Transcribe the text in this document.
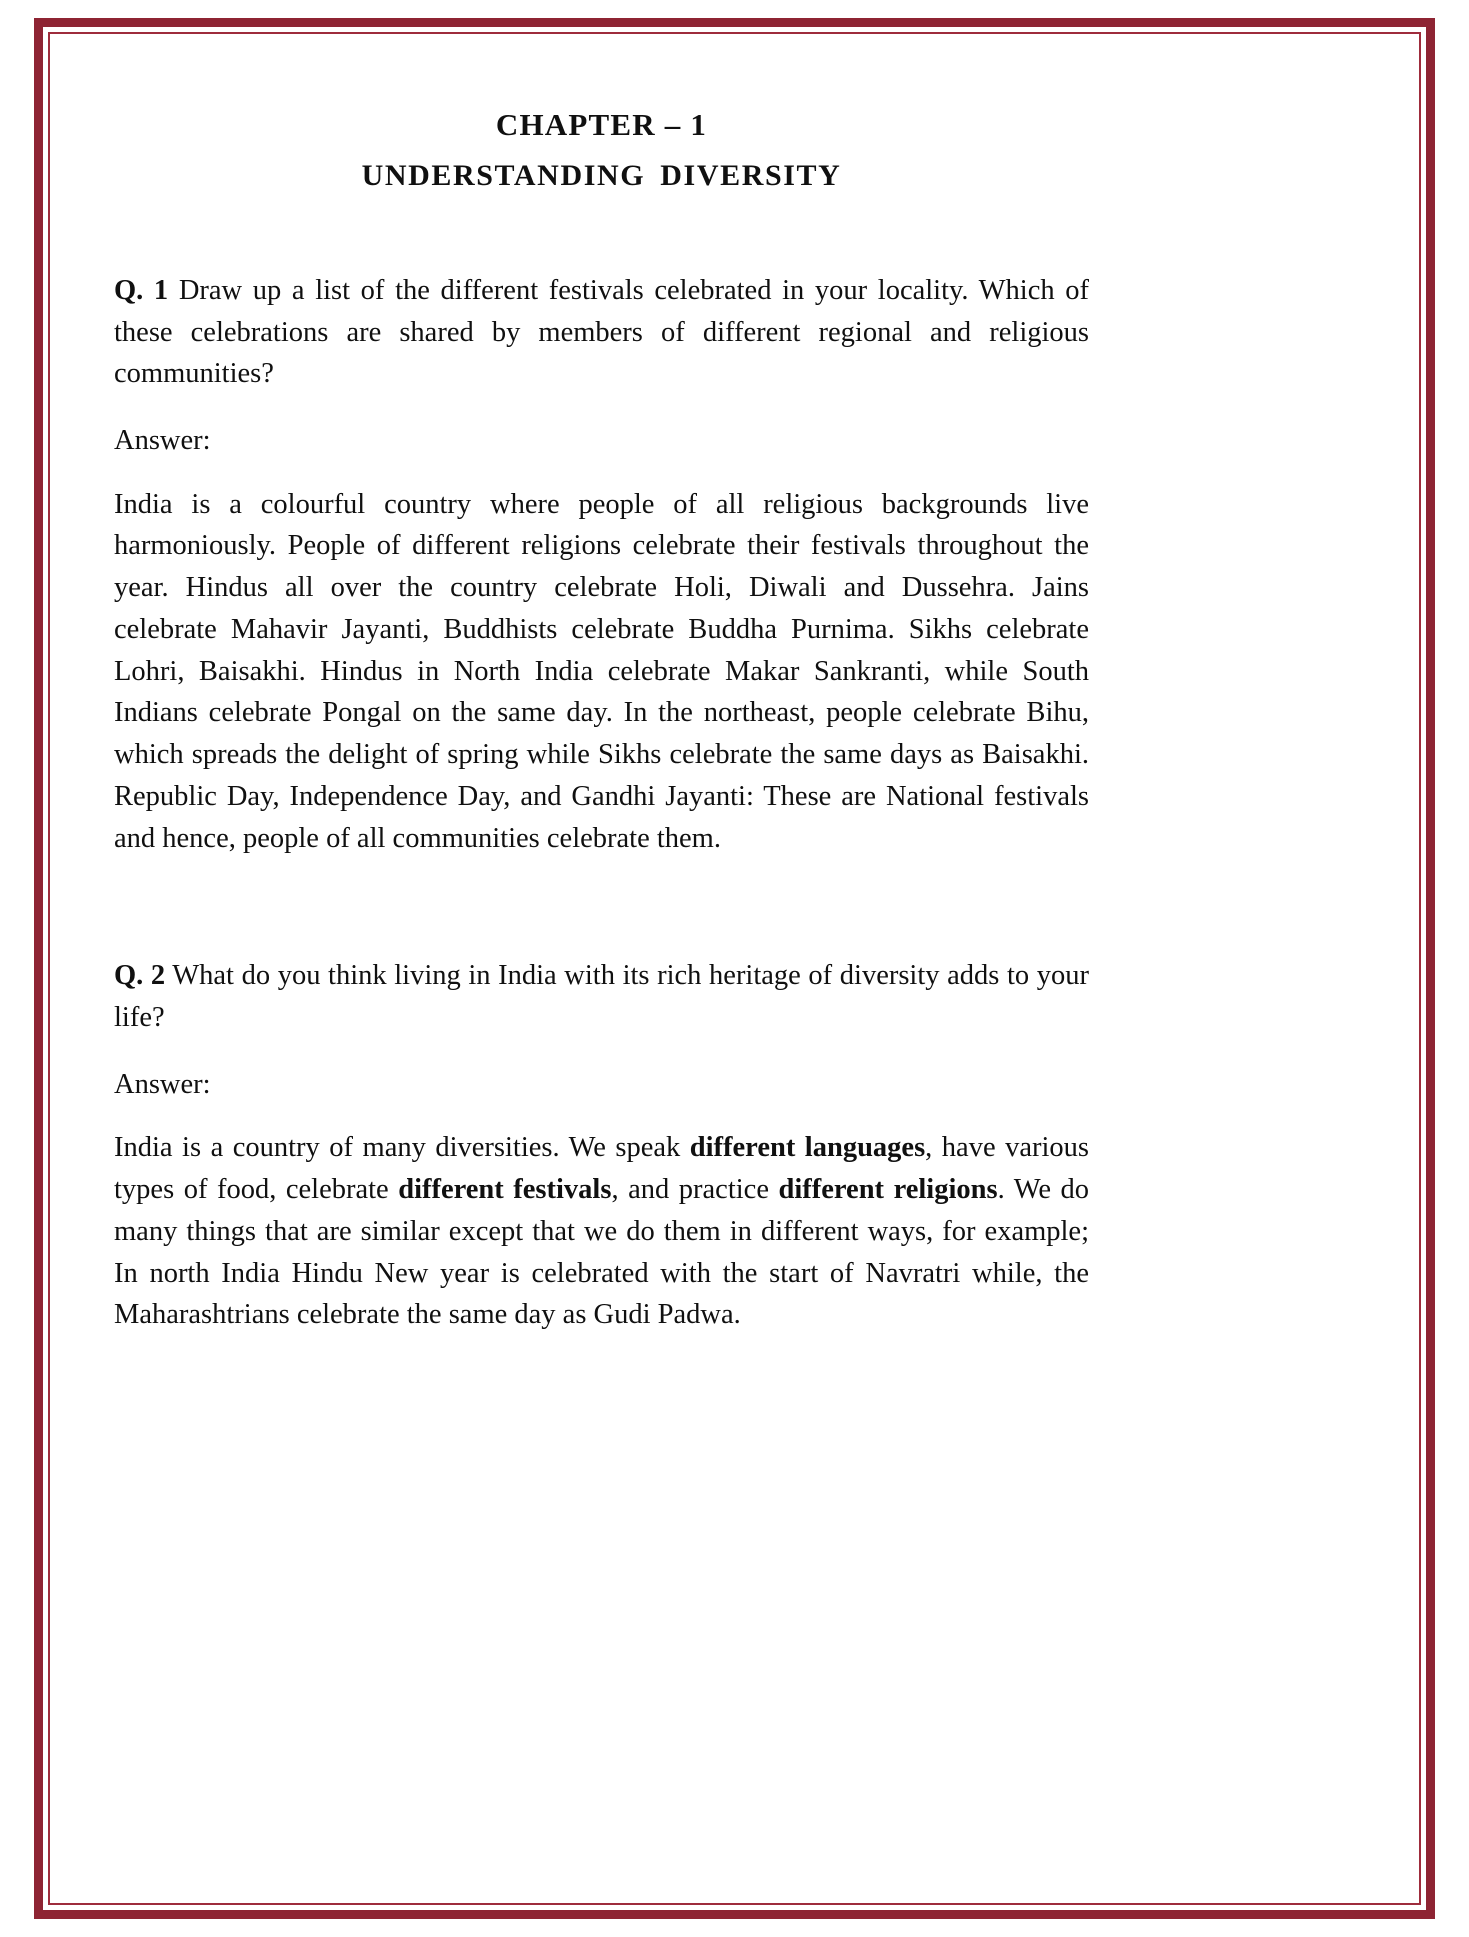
CHAPTER – 1
UNDERSTANDING DIVERSITY

Q. 1 Draw up a list of the different festivals celebrated in your locality. Which of these celebrations are shared by members of different regional and religious communities?

Answer:

India is a colourful country where people of all religious backgrounds live harmoniously. People of different religions celebrate their festivals throughout the year. Hindus all over the country celebrate Holi, Diwali and Dussehra. Jains celebrate Mahavir Jayanti, Buddhists celebrate Buddha Purnima. Sikhs celebrate Lohri, Baisakhi. Hindus in North India celebrate Makar Sankranti, while South Indians celebrate Pongal on the same day. In the northeast, people celebrate Bihu, which spreads the delight of spring while Sikhs celebrate the same days as Baisakhi. Republic Day, Independence Day, and Gandhi Jayanti: These are National festivals and hence, people of all communities celebrate them.

Q. 2 What do you think living in India with its rich heritage of diversity adds to your life?

Answer:

India is a country of many diversities. We speak different languages, have various types of food, celebrate different festivals, and practice different religions. We do many things that are similar except that we do them in different ways, for example; In north India Hindu New year is celebrated with the start of Navratri while, the Maharashtrians celebrate the same day as Gudi Padwa.
